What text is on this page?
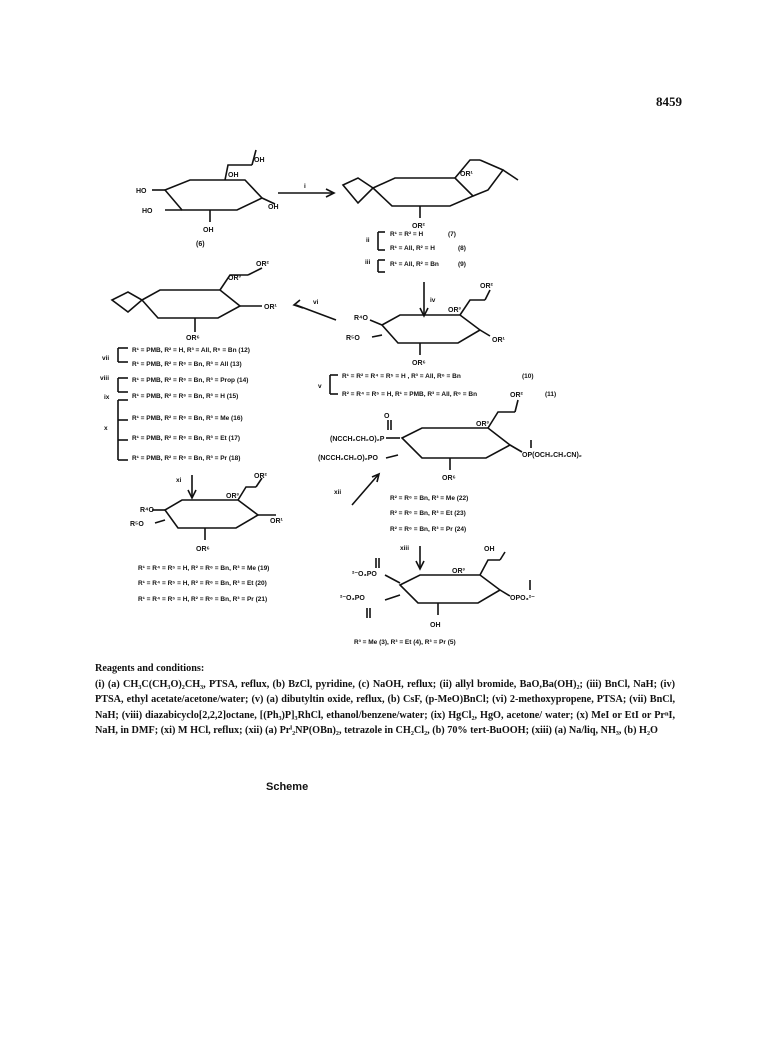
8459
OH
OH
HO
HO
OH
OH
(6)
i
OR¹
OR²
ii
R¹ = R² = H	(7)
R¹ = All, R² = H	(8)
iii	R¹ = All, R² = Bn	(9)
iv
vi
OR³
OR²
OR¹
OR⁶
vii
R¹ = PMB, R² = H, R³ = All, R⁶ = Bn (12)
R¹ = PMB, R² = R⁶ = Bn, R³ = All (13)
viii	R¹ = PMB, R² = R⁶ = Bn, R³ = Prop (14)
ix	R¹ = PMB, R² = R⁶ = Bn, R³ = H (15)
R¹ = PMB, R² = R⁶ = Bn, R³ = Me (16)
x
R¹ = PMB, R² = R⁶ = Bn, R³ = Et (17)
R¹ = PMB, R² = R⁶ = Bn, R³ = Pr (18)
R⁴O
R⁵O
OR³
OR²
OR¹
OR⁶
v
R¹ = R² = R⁴ = R⁵ = H , R³ = All, R⁶ = Bn	(10)
R² = R⁴ = R⁵ = H, R¹ = PMB, R³ = All, R⁶ = Bn	(11)
O
(NCCH₂CH₂O)₂P
(NCCH₂CH₂O)₂PO
OR³
OR²
OP(OCH₂CH₂CN)₂
OR⁶
R² = R⁶ = Bn, R³ = Me (22)
R² = R⁶ = Bn, R³ = Et (23)
R² = R⁶ = Bn, R³ = Pr (24)
xii
xi
xiii
R⁴O
R⁵O
OR³
OR²
OR¹
OR⁶
R¹ = R⁴ = R⁵ = H, R² = R⁶ = Bn, R³ = Me (19)
R¹ = R⁴ = R⁵ = H, R² = R⁶ = Bn, R³ = Et (20)
R¹ = R⁴ = R⁵ = H, R² = R⁶ = Bn, R³ = Pr (21)
OR³
OH
²⁻O₃PO
²⁻O₃PO	OPO₃²⁻
OH
R³ = Me (3), R³ = Et (4), R³ = Pr (5)
Reagents and conditions:
(i) (a) CH₃C(CH₃O)₂CH₃, PTSA, reflux, (b) BzCl, pyridine, (c) NaOH, reflux; (ii) allyl bromide, BaO,Ba(OH)₂; (iii) BnCl, NaH; (iv) PTSA, ethyl acetate/acetone/water; (v) (a) dibutyltin oxide, reflux, (b) CsF, (p-MeO)BnCl; (vi) 2-methoxypropene, PTSA; (vii) BnCl, NaH; (viii) diazabicyclo[2,2,2]octane, [(Ph₃)P]₃RhCl, ethanol/benzene/water; (ix) HgCl₂, HgO, acetone/ water; (x) MeI or EtI or PrⁿI, NaH, in DMF; (xi) M HCl, reflux; (xii) (a) Prⁱ₂NP(OBn)₂, tetrazole in CH₂Cl₂, (b) 70% tert-BuOOH; (xiii) (a) Na/liq, NH₃, (b) H₂O
Scheme
